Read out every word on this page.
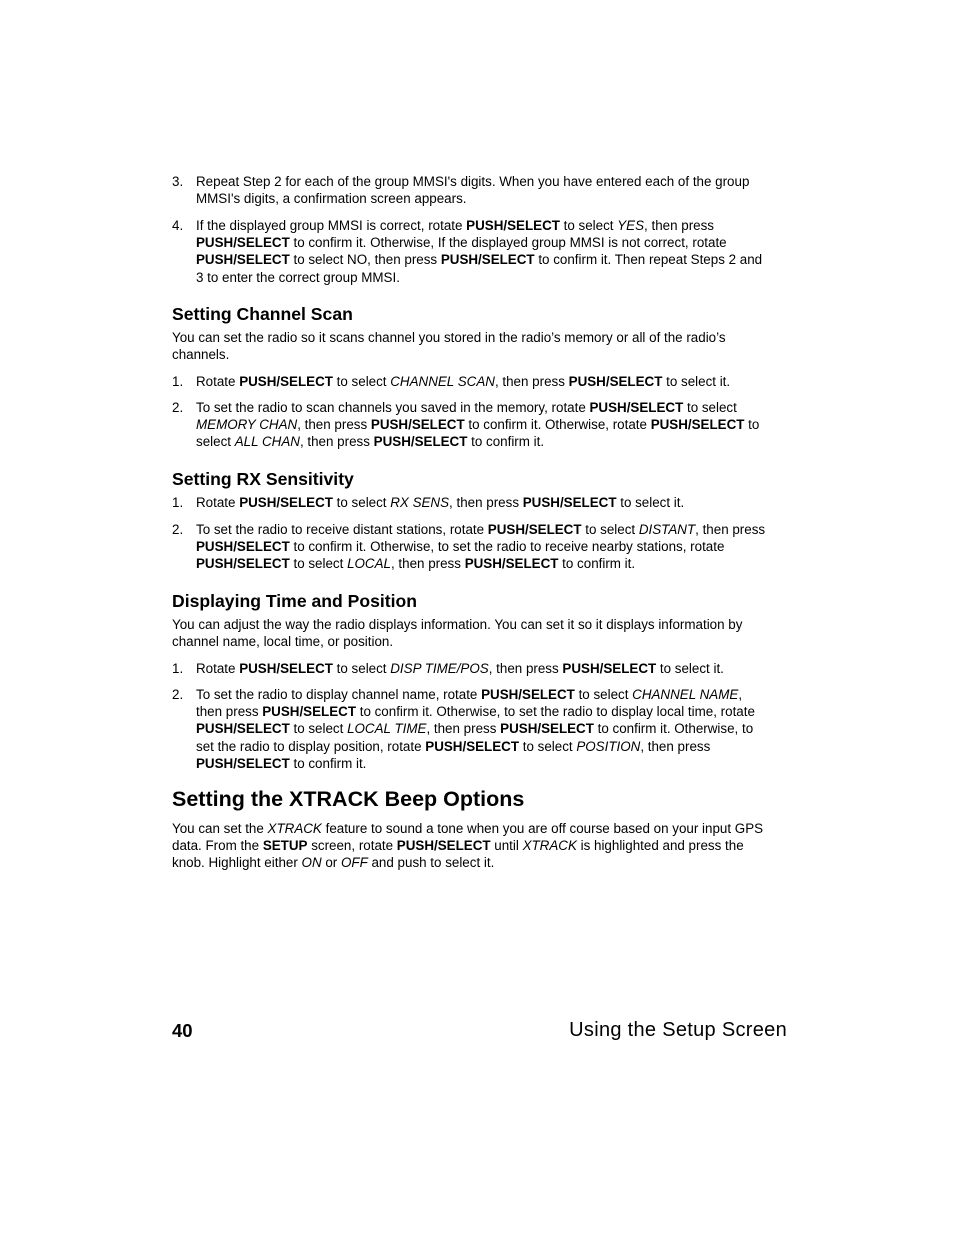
3. Repeat Step 2 for each of the group MMSI's digits. When you have entered each of the group MMSI's digits, a confirmation screen appears.
4. If the displayed group MMSI is correct, rotate PUSH/SELECT to select YES, then press PUSH/SELECT to confirm it. Otherwise, If the displayed group MMSI is not correct, rotate PUSH/SELECT to select NO, then press PUSH/SELECT to confirm it. Then repeat Steps 2 and 3 to enter the correct group MMSI.
Setting Channel Scan
You can set the radio so it scans channel you stored in the radio’s memory or all of the radio’s channels.
1. Rotate PUSH/SELECT to select CHANNEL SCAN, then press PUSH/SELECT to select it.
2. To set the radio to scan channels you saved in the memory, rotate PUSH/SELECT to select MEMORY CHAN, then press PUSH/SELECT to confirm it. Otherwise, rotate PUSH/SELECT to select ALL CHAN, then press PUSH/SELECT to confirm it.
Setting RX Sensitivity
1. Rotate PUSH/SELECT to select RX SENS, then press PUSH/SELECT to select it.
2. To set the radio to receive distant stations, rotate PUSH/SELECT to select DISTANT, then press PUSH/SELECT to confirm it. Otherwise, to set the radio to receive nearby stations, rotate PUSH/SELECT to select LOCAL, then press PUSH/SELECT to confirm it.
Displaying Time and Position
You can adjust the way the radio displays information. You can set it so it displays information by channel name, local time, or position.
1. Rotate PUSH/SELECT to select DISP TIME/POS, then press PUSH/SELECT to select it.
2. To set the radio to display channel name, rotate PUSH/SELECT to select CHANNEL NAME, then press PUSH/SELECT to confirm it. Otherwise, to set the radio to display local time, rotate PUSH/SELECT to select LOCAL TIME, then press PUSH/SELECT to confirm it. Otherwise, to set the radio to display position, rotate PUSH/SELECT to select POSITION, then press PUSH/SELECT to confirm it.
Setting the XTRACK Beep Options
You can set the XTRACK feature to sound a tone when you are off course based on your input GPS data. From the SETUP screen, rotate PUSH/SELECT until XTRACK is highlighted and press the knob. Highlight either ON or OFF and push to select it.
40	Using the Setup Screen
